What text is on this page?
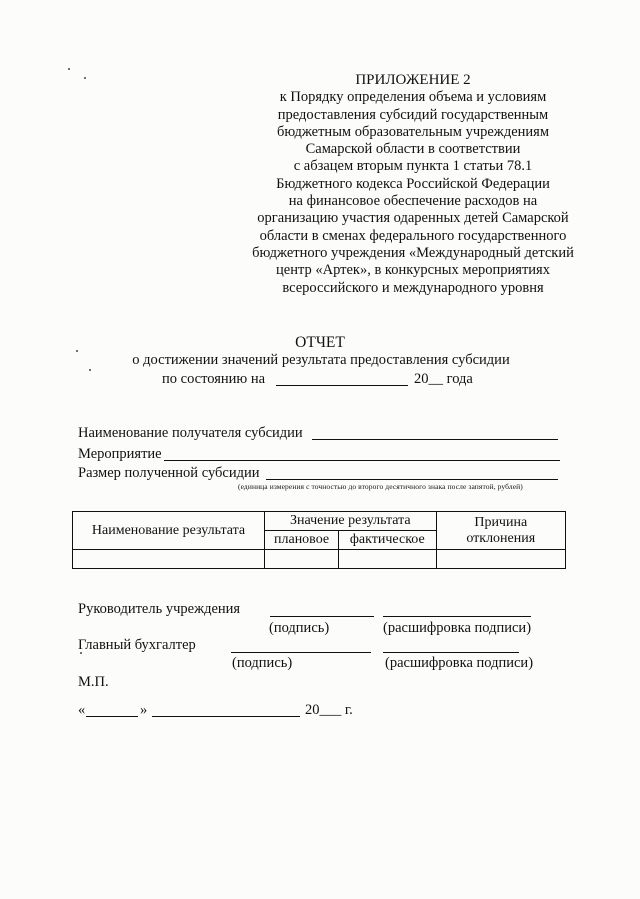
ПРИЛОЖЕНИЕ 2
к Порядку определения объема и условиям
предоставления субсидий государственным
бюджетным образовательным учреждениям
Самарской области в соответствии
с абзацем вторым пункта 1 статьи 78.1
Бюджетного кодекса Российской Федерации
на финансовое обеспечение расходов на
организацию участия одаренных детей Самарской
области в сменах федерального государственного
бюджетного учреждения «Международный детский
центр «Артек», в конкурсных мероприятиях
всероссийского и международного уровня
ОТЧЕТ
о достижении значений результата предоставления субсидии
по состоянию на	20__ года
Наименование получателя субсидии
Мероприятие
Размер полученной субсидии
(единица измерения с точностью до второго десятичного знака после запятой, рублей)
Наименование результата	Значение результата		Причина отклонения
	плановое	фактическое	

Руководитель учреждения
(подпись)	(расшифровка подписи)
Главный бухгалтер
(подпись)	(расшифровка подписи)
М.П.
«	»	20___ г.
